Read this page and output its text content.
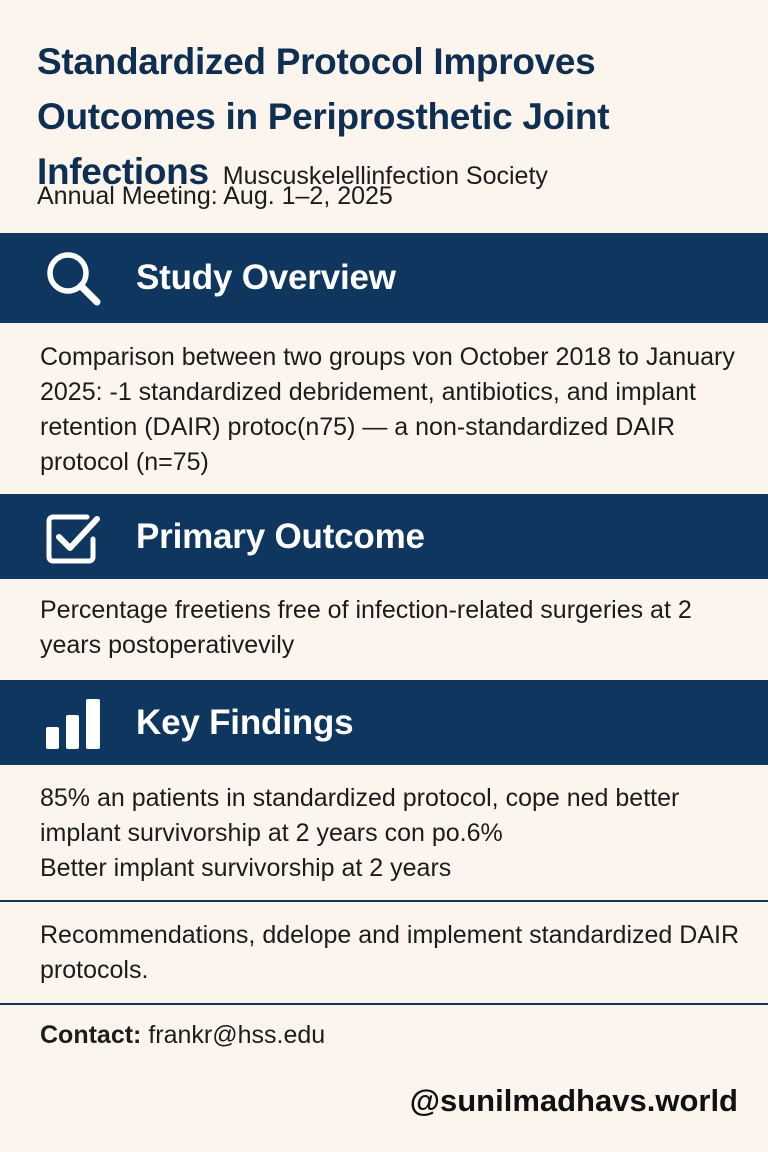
Standardized Protocol Improves
Outcomes in Periprosthetic Joint
Infections Muscuskelellinfection Society
Annual Meeting: Aug. 1–2, 2025
Study Overview

Comparison between two groups von October 2018 to January 2025: -1 standardized debridement, antibiotics, and implant retention (DAIR) protoc(n75) — a non-standardized DAIR protocol (n=75)

Primary Outcome

Percentage freetiens free of infection-related surgeries at 2 years postoperativevily

Key Findings

85% an patients in standardized protocol, cope ned better implant survivorship at 2 years con po.6%

Better implant survivorship at 2 years

Recommendations, ddelope and implement standardized DAIR protocols.

Contact: frankr@hss.edu
@sunilmadhavs.world
